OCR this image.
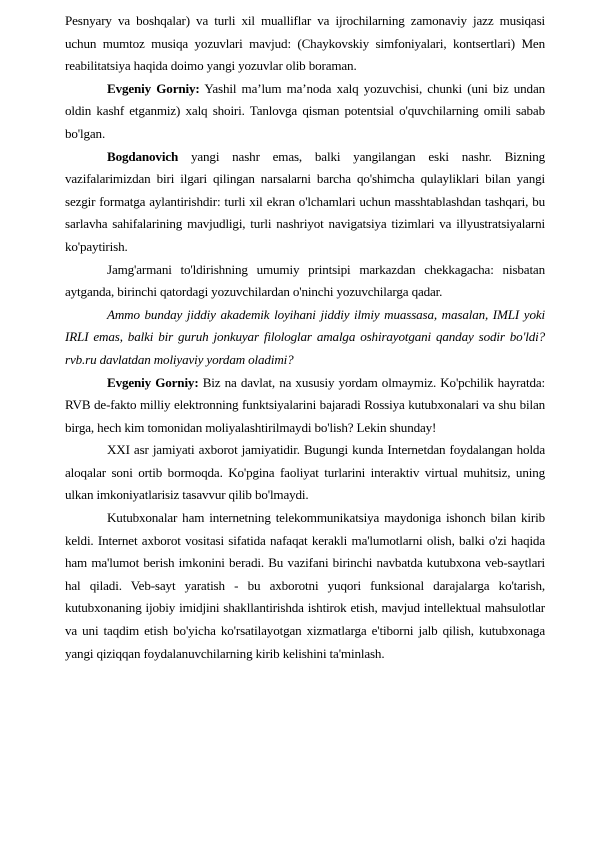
Pesnyary va boshqalar) va turli xil mualliflar va ijrochilarning zamonaviy jazz musiqasi uchun mumtoz musiqa yozuvlari mavjud: (Chaykovskiy simfoniyalari, kontsertlari) Men reabilitatsiya haqida doimo yangi yozuvlar olib boraman.

Evgeniy Gorniy: Yashil ma’lum ma’noda xalq yozuvchisi, chunki (uni biz undan oldin kashf etganmiz) xalq shoiri. Tanlovga qisman potentsial o'quvchilarning omili sabab bo'lgan.

Bogdanovich yangi nashr emas, balki yangilangan eski nashr. Bizning vazifalarimizdan biri ilgari qilingan narsalarni barcha qo'shimcha qulayliklari bilan yangi sezgir formatga aylantirishdir: turli xil ekran o'lchamlari uchun masshtablashdan tashqari, bu sarlavha sahifalarining mavjudligi, turli nashriyot navigatsiya tizimlari va illyustratsiyalarni ko'paytirish.

Jamg'armani to'ldirishning umumiy printsipi markazdan chekkagacha: nisbatan aytganda, birinchi qatordagi yozuvchilardan o'ninchi yozuvchilarga qadar.

Ammo bunday jiddiy akademik loyihani jiddiy ilmiy muassasa, masalan, IMLI yoki IRLI emas, balki bir guruh jonkuyar filologlar amalga oshirayotgani qanday sodir bo'ldi? rvb.ru davlatdan moliyaviy yordam oladimi?

Evgeniy Gorniy: Biz na davlat, na xususiy yordam olmaymiz. Ko'pchilik hayratda: RVB de-fakto milliy elektronning funktsiyalarini bajaradi Rossiya kutubxonalari va shu bilan birga, hech kim tomonidan moliyalashtirilmaydi bo'lish? Lekin shunday!

XXI asr jamiyati axborot jamiyatidir. Bugungi kunda Internetdan foydalangan holda aloqalar soni ortib bormoqda. Ko'pgina faoliyat turlarini interaktiv virtual muhitsiz, uning ulkan imkoniyatlarisiz tasavvur qilib bo'lmaydi.

Kutubxonalar ham internetning telekommunikatsiya maydoniga ishonch bilan kirib keldi. Internet axborot vositasi sifatida nafaqat kerakli ma'lumotlarni olish, balki o'zi haqida ham ma'lumot berish imkonini beradi. Bu vazifani birinchi navbatda kutubxona veb-saytlari hal qiladi. Veb-sayt yaratish - bu axborotni yuqori funksional darajalarga ko'tarish, kutubxonaning ijobiy imidjini shakllantirishda ishtirok etish, mavjud intellektual mahsulotlar va uni taqdim etish bo'yicha ko'rsatilayotgan xizmatlarga e'tiborni jalb qilish, kutubxonaga yangi qiziqqan foydalanuvchilarning kirib kelishini ta'minlash.
